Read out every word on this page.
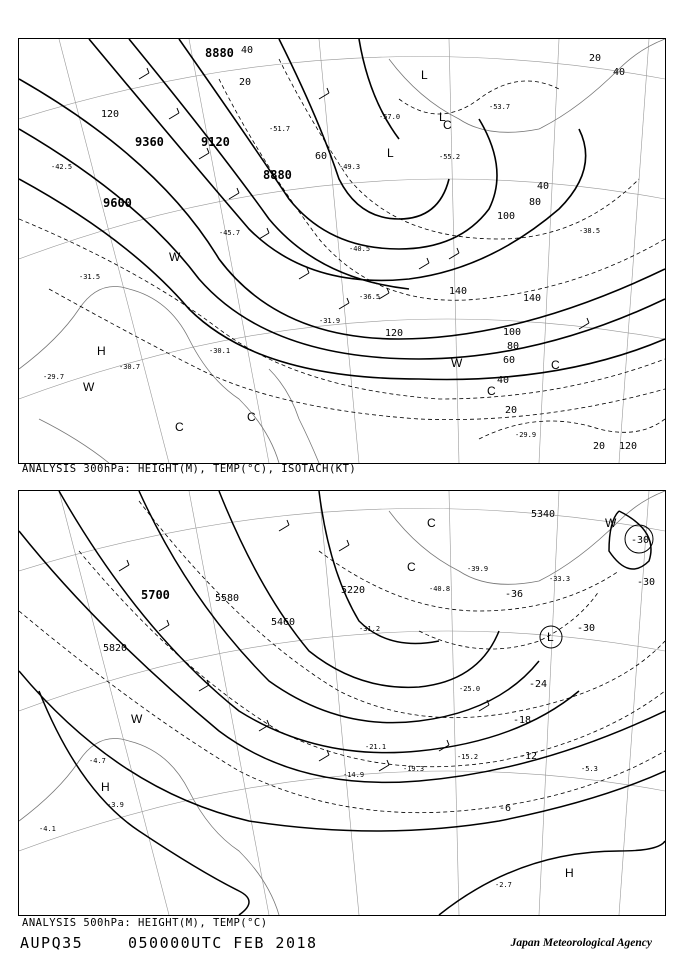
9120
9360
9600
8880
8880
120
140
140
120
100
100
80
80
60
60
40
40
40
20
20
20
20
40
120
L
L
L
H
W
W
W
C
C
C
C
C
-53.7
-57.0
-55.2
-45.7
-40.5
-36.5
-31.9
-31.5
-30.7
-29.9
-29.7
-30.1
-42.5
-38.5
-51.7
-49.3
ANALYSIS 300hPa: HEIGHT(M), TEMP(°C), ISOTACH(KT)
5700
5820
5580
5460
5220
5340
-36
-30
-30
-30
-24
-18
-12
-6
L
H
H
W
W
C
C	-39.9
-40.8
-33.3
-31.2
-25.0
-21.1
-19.3
-15.2
-14.9
-5.3
-4.7
-4.1
-3.9
-2.7
ANALYSIS 500hPa: HEIGHT(M), TEMP(°C)
AUPQ35	050000UTC FEB 2018	Japan Meteorological Agency
